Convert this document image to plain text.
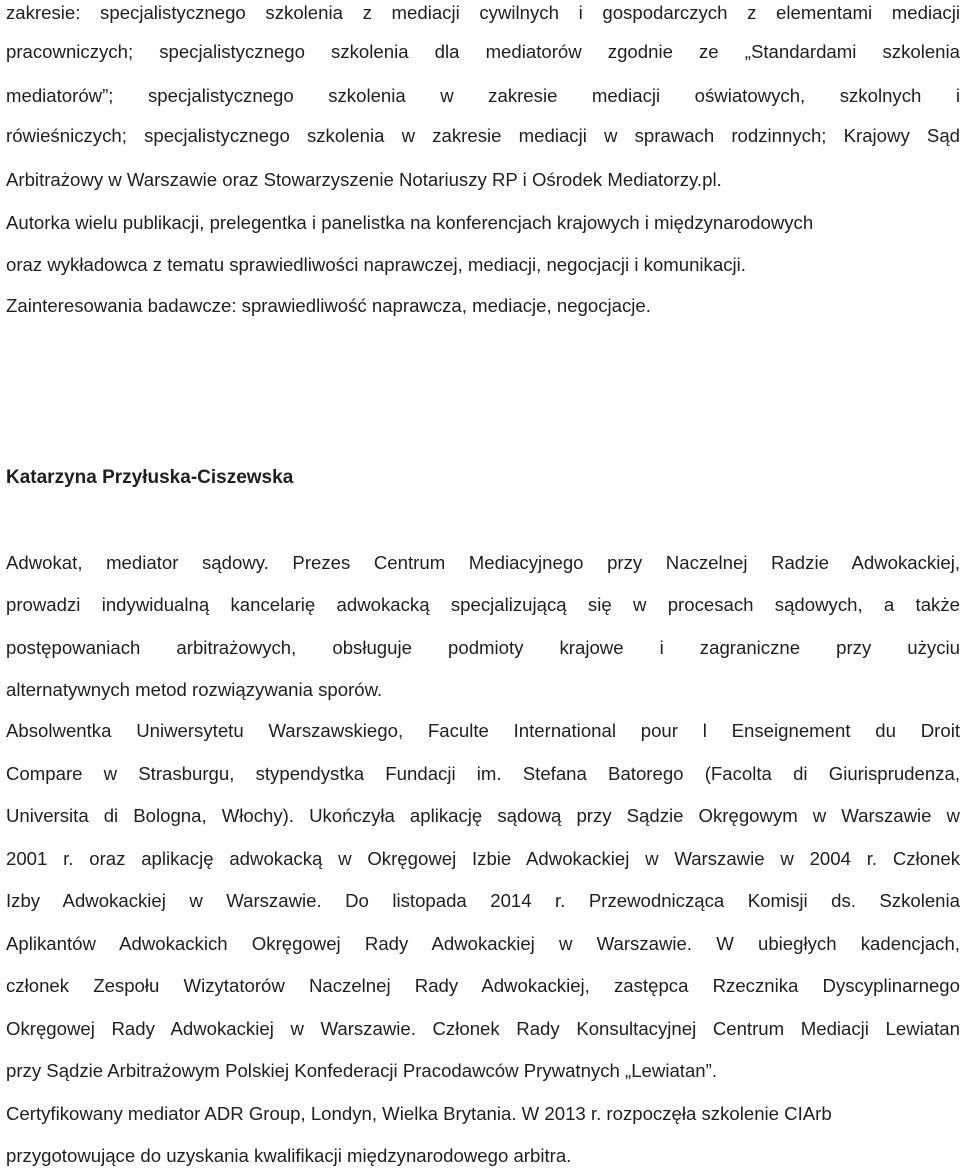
zakresie: specjalistycznego szkolenia z mediacji cywilnych i gospodarczych z elementami mediacji
pracowniczych; specjalistycznego szkolenia dla mediatorów zgodnie ze „Standardami szkolenia
mediatorów”; specjalistycznego szkolenia w zakresie mediacji oświatowych, szkolnych i
rówieśniczych; specjalistycznego szkolenia w zakresie mediacji w sprawach rodzinnych; Krajowy Sąd
Arbitrażowy w Warszawie oraz Stowarzyszenie Notariuszy RP i Ośrodek Mediatorzy.pl.
Autorka wielu publikacji, prelegentka i panelistka na konferencjach krajowych i międzynarodowych
oraz wykładowca z tematu sprawiedliwości naprawczej, mediacji, negocjacji i komunikacji.
Zainteresowania badawcze: sprawiedliwość naprawcza, mediacje, negocjacje.
Katarzyna Przyłuska-Ciszewska
Adwokat, mediator sądowy. Prezes Centrum Mediacyjnego przy Naczelnej Radzie Adwokackiej,
prowadzi indywidualną kancelarię adwokacką specjalizującą się w procesach sądowych, a także
postępowaniach arbitrażowych, obsługuje podmioty krajowe i zagraniczne przy użyciu
alternatywnych metod rozwiązywania sporów.
Absolwentka Uniwersytetu Warszawskiego, Faculte International pour l Enseignement du Droit
Compare w Strasburgu, stypendystka Fundacji im. Stefana Batorego (Facolta di Giurisprudenza,
Universita di Bologna, Włochy). Ukończyła aplikację sądową przy Sądzie Okręgowym w Warszawie w
2001 r. oraz aplikację adwokacką w Okręgowej Izbie Adwokackiej w Warszawie w 2004 r. Członek
Izby Adwokackiej w Warszawie. Do listopada 2014 r. Przewodnicząca Komisji ds. Szkolenia
Aplikantów Adwokackich Okręgowej Rady Adwokackiej w Warszawie. W ubiegłych kadencjach,
członek Zespołu Wizytatorów Naczelnej Rady Adwokackiej, zastępca Rzecznika Dyscyplinarnego
Okręgowej Rady Adwokackiej w Warszawie. Członek Rady Konsultacyjnej Centrum Mediacji Lewiatan
przy Sądzie Arbitrażowym Polskiej Konfederacji Pracodawców Prywatnych „Lewiatan”.
Certyfikowany mediator ADR Group, Londyn, Wielka Brytania. W 2013 r. rozpoczęła szkolenie CIArb
przygotowujące do uzyskania kwalifikacji międzynarodowego arbitra.
